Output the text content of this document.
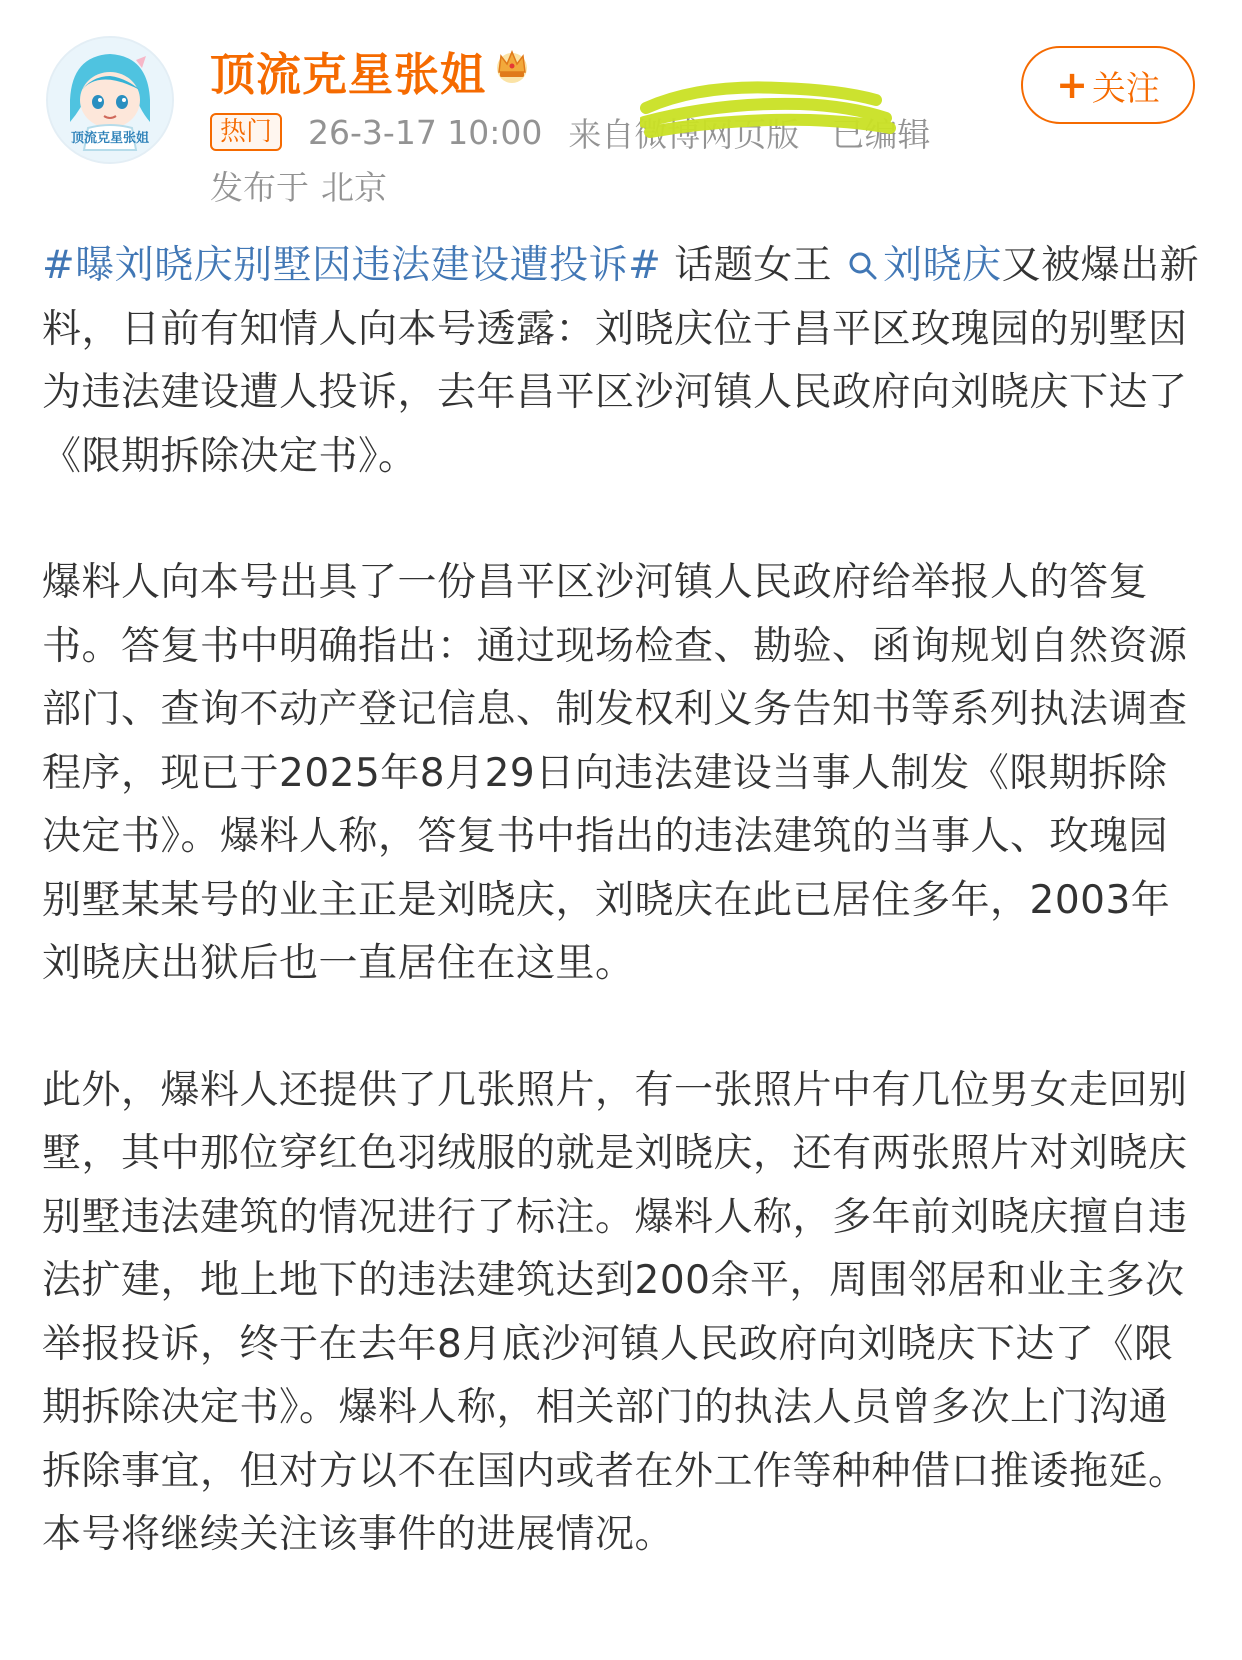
顶流克星张姐
顶流克星张姐	+ 关注
热门	26-3-17 10:00 来自微博网页版 已编辑
发布于 北京

#曝刘晓庆别墅因违法建设遭投诉# 话题女王 刘晓庆又被爆出新料，日前有知情人向本号透露：刘晓庆位于昌平区玫瑰园的别墅因为违法建设遭人投诉，去年昌平区沙河镇人民政府向刘晓庆下达了《限期拆除决定书》。

爆料人向本号出具了一份昌平区沙河镇人民政府给举报人的答复书。答复书中明确指出：通过现场检查、勘验、函询规划自然资源部门、查询不动产登记信息、制发权利义务告知书等系列执法调查程序，现已于2025年8月29日向违法建设当事人制发《限期拆除决定书》。爆料人称，答复书中指出的违法建筑的当事人、玫瑰园别墅某某号的业主正是刘晓庆，刘晓庆在此已居住多年，2003年刘晓庆出狱后也一直居住在这里。

此外，爆料人还提供了几张照片，有一张照片中有几位男女走回别墅，其中那位穿红色羽绒服的就是刘晓庆，还有两张照片对刘晓庆别墅违法建筑的情况进行了标注。爆料人称，多年前刘晓庆擅自违法扩建，地上地下的违法建筑达到200余平，周围邻居和业主多次举报投诉，终于在去年8月底沙河镇人民政府向刘晓庆下达了《限期拆除决定书》。爆料人称，相关部门的执法人员曾多次上门沟通拆除事宜，但对方以不在国内或者在外工作等种种借口推诿拖延。本号将继续关注该事件的进展情况。
